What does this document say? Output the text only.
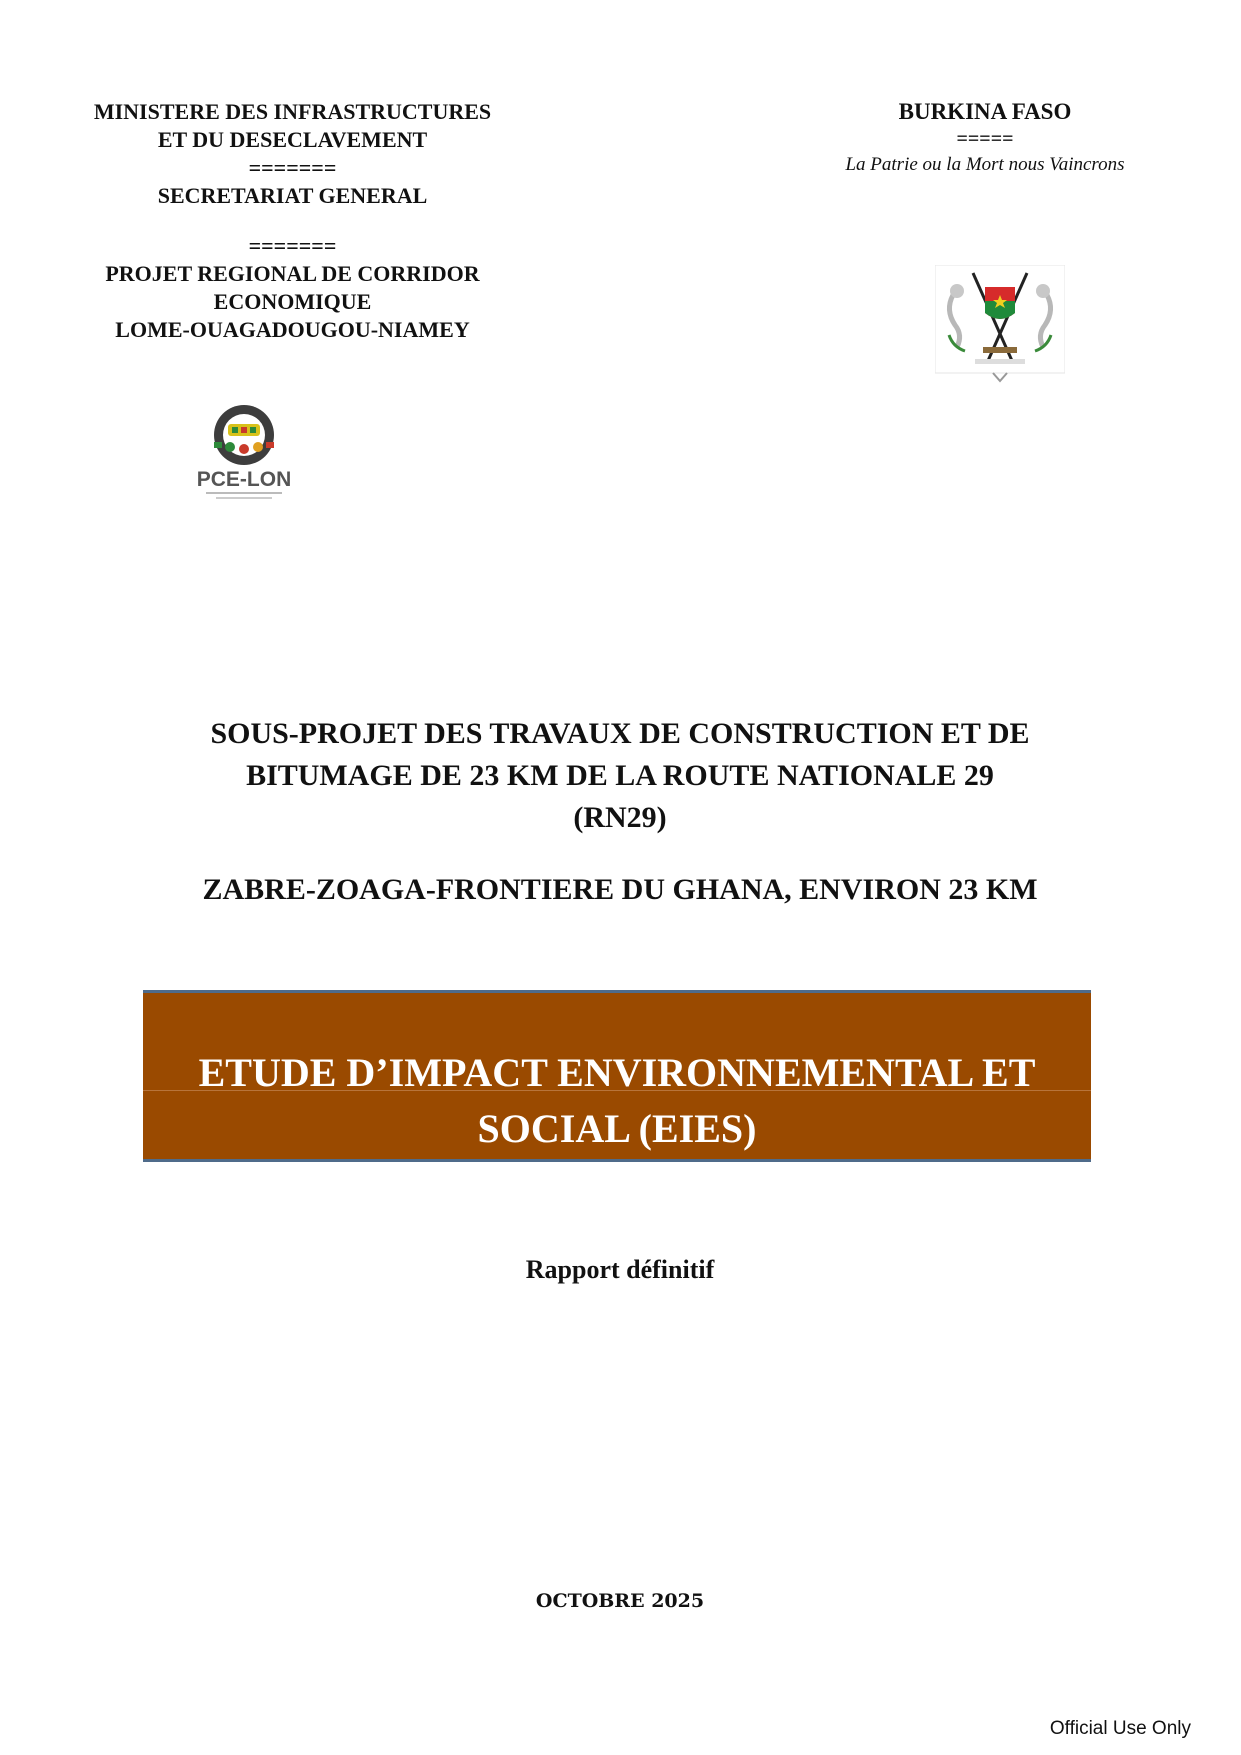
MINISTERE DES INFRASTRUCTURES
ET DU DESECLAVEMENT
=======
SECRETARIAT GENERAL
=======
PROJET REGIONAL DE CORRIDOR
ECONOMIQUE
LOME-OUAGADOUGOU-NIAMEY
BURKINA FASO
=====
La Patrie ou la Mort nous Vaincrons
PCE-LON
SOUS-PROJET DES TRAVAUX DE CONSTRUCTION ET DE
BITUMAGE DE 23 KM DE LA ROUTE NATIONALE 29
(RN29)
ZABRE-ZOAGA-FRONTIERE DU GHANA, ENVIRON 23 KM
ETUDE D’IMPACT ENVIRONNEMENTAL ET
SOCIAL (EIES)
Rapport définitif
OCTOBRE 2025
Official Use Only
